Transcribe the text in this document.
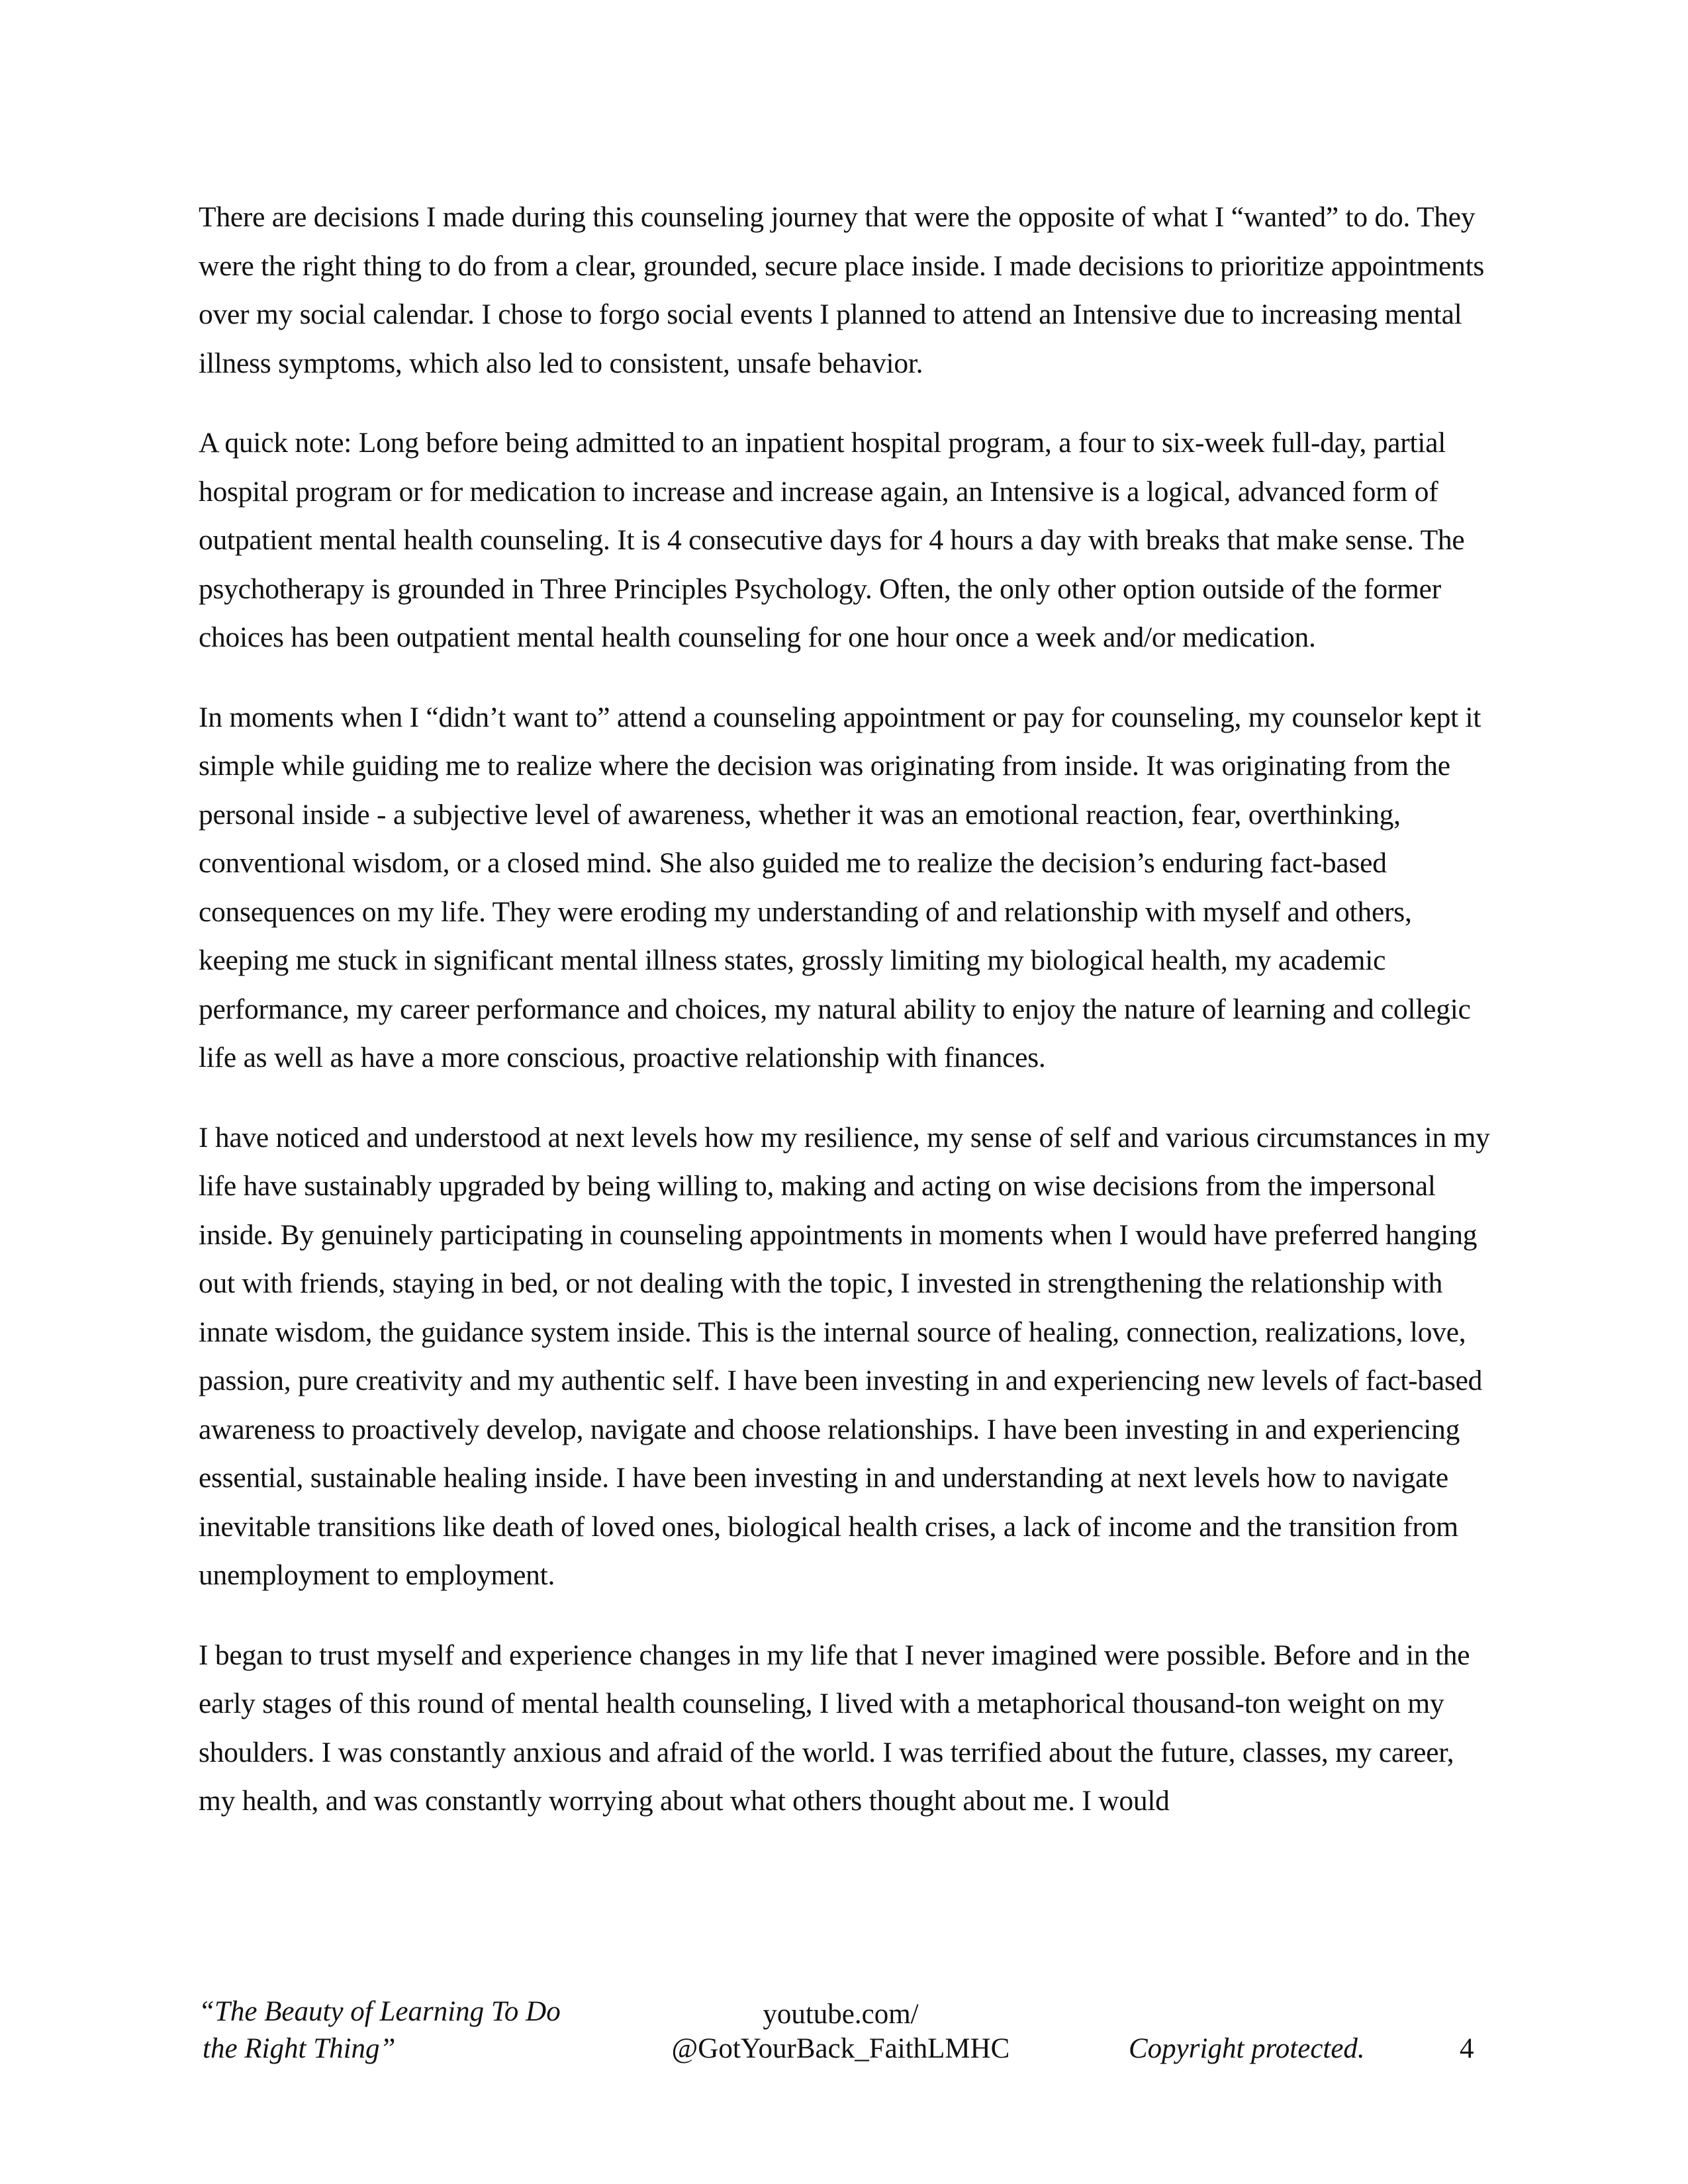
There are decisions I made during this counseling journey that were the opposite of what I “wanted” to do. They were the right thing to do from a clear, grounded, secure place inside. I made decisions to prioritize appointments over my social calendar. I chose to forgo social events I planned to attend an Intensive due to increasing mental illness symptoms, which also led to consistent, unsafe behavior.

A quick note: Long before being admitted to an inpatient hospital program, a four to six-week full-day, partial hospital program or for medication to increase and increase again, an Intensive is a logical, advanced form of outpatient mental health counseling. It is 4 consecutive days for 4 hours a day with breaks that make sense. The psychotherapy is grounded in Three Principles Psychology. Often, the only other option outside of the former choices has been outpatient mental health counseling for one hour once a week and/or medication.

In moments when I “didn’t want to” attend a counseling appointment or pay for counseling, my counselor kept it simple while guiding me to realize where the decision was originating from inside. It was originating from the personal inside - a subjective level of awareness, whether it was an emotional reaction, fear, overthinking, conventional wisdom, or a closed mind. She also guided me to realize the decision’s enduring fact-based consequences on my life. They were eroding my understanding of and relationship with myself and others, keeping me stuck in significant mental illness states, grossly limiting my biological health, my academic performance, my career performance and choices, my natural ability to enjoy the nature of learning and collegic life as well as have a more conscious, proactive relationship with finances.

I have noticed and understood at next levels how my resilience, my sense of self and various circumstances in my life have sustainably upgraded by being willing to, making and acting on wise decisions from the impersonal inside. By genuinely participating in counseling appointments in moments when I would have preferred hanging out with friends, staying in bed, or not dealing with the topic, I invested in strengthening the relationship with innate wisdom, the guidance system inside. This is the internal source of healing, connection, realizations, love, passion, pure creativity and my authentic self. I have been investing in and experiencing new levels of fact-based awareness to proactively develop, navigate and choose relationships. I have been investing in and experiencing essential, sustainable healing inside. I have been investing in and understanding at next levels how to navigate inevitable transitions like death of loved ones, biological health crises, a lack of income and the transition from unemployment to employment.

I began to trust myself and experience changes in my life that I never imagined were possible. Before and in the early stages of this round of mental health counseling, I lived with a metaphorical thousand-ton weight on my shoulders. I was constantly anxious and afraid of the world. I was terrified about the future, classes, my career, my health, and was constantly worrying about what others thought about me. I would

“The Beauty of Learning To Do
the Right Thing”
youtube.com/
@GotYourBack_FaithLMHC	Copyright protected.	4
